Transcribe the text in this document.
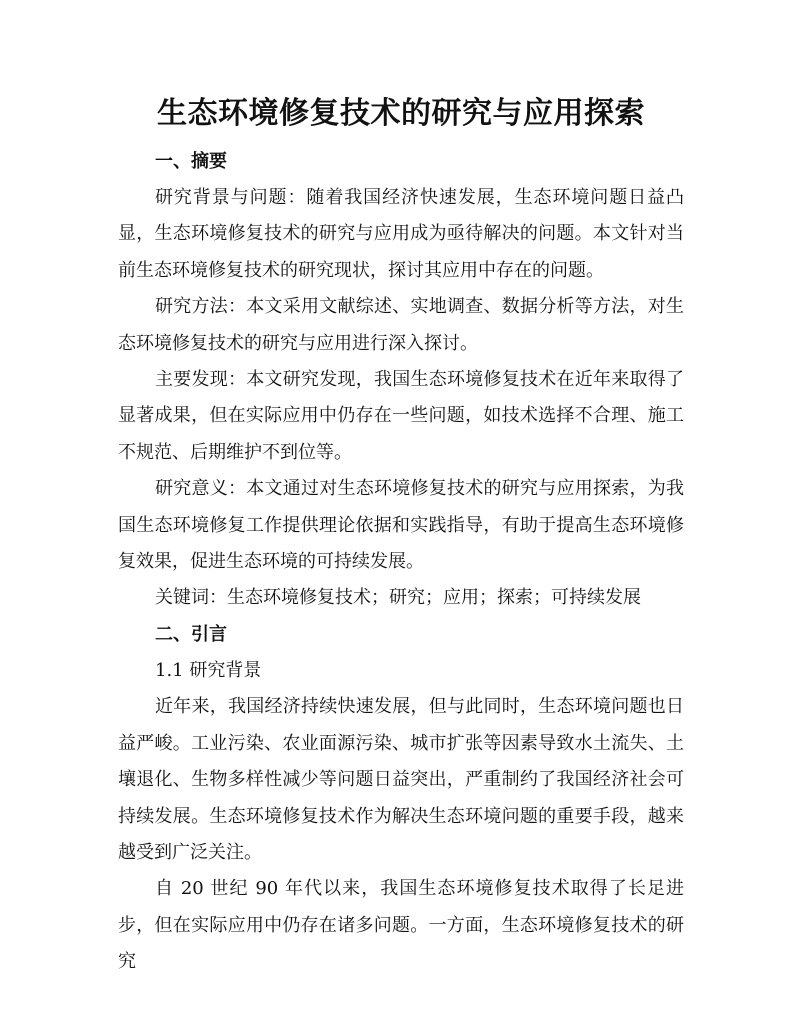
生态环境修复技术的研究与应用探索
一、摘要

研究背景与问题：随着我国经济快速发展，生态环境问题日益凸显，生态环境修复技术的研究与应用成为亟待解决的问题。本文针对当前生态环境修复技术的研究现状，探讨其应用中存在的问题。

研究方法：本文采用文献综述、实地调查、数据分析等方法，对生态环境修复技术的研究与应用进行深入探讨。

主要发现：本文研究发现，我国生态环境修复技术在近年来取得了显著成果，但在实际应用中仍存在一些问题，如技术选择不合理、施工不规范、后期维护不到位等。

研究意义：本文通过对生态环境修复技术的研究与应用探索，为我国生态环境修复工作提供理论依据和实践指导，有助于提高生态环境修复效果，促进生态环境的可持续发展。

关键词：生态环境修复技术；研究；应用；探索；可持续发展

二、引言

1.1 研究背景

近年来，我国经济持续快速发展，但与此同时，生态环境问题也日益严峻。工业污染、农业面源污染、城市扩张等因素导致水土流失、土壤退化、生物多样性减少等问题日益突出，严重制约了我国经济社会可持续发展。生态环境修复技术作为解决生态环境问题的重要手段，越来越受到广泛关注。

自 20 世纪 90 年代以来，我国生态环境修复技术取得了长足进步，但在实际应用中仍存在诸多问题。一方面，生态环境修复技术的研究
